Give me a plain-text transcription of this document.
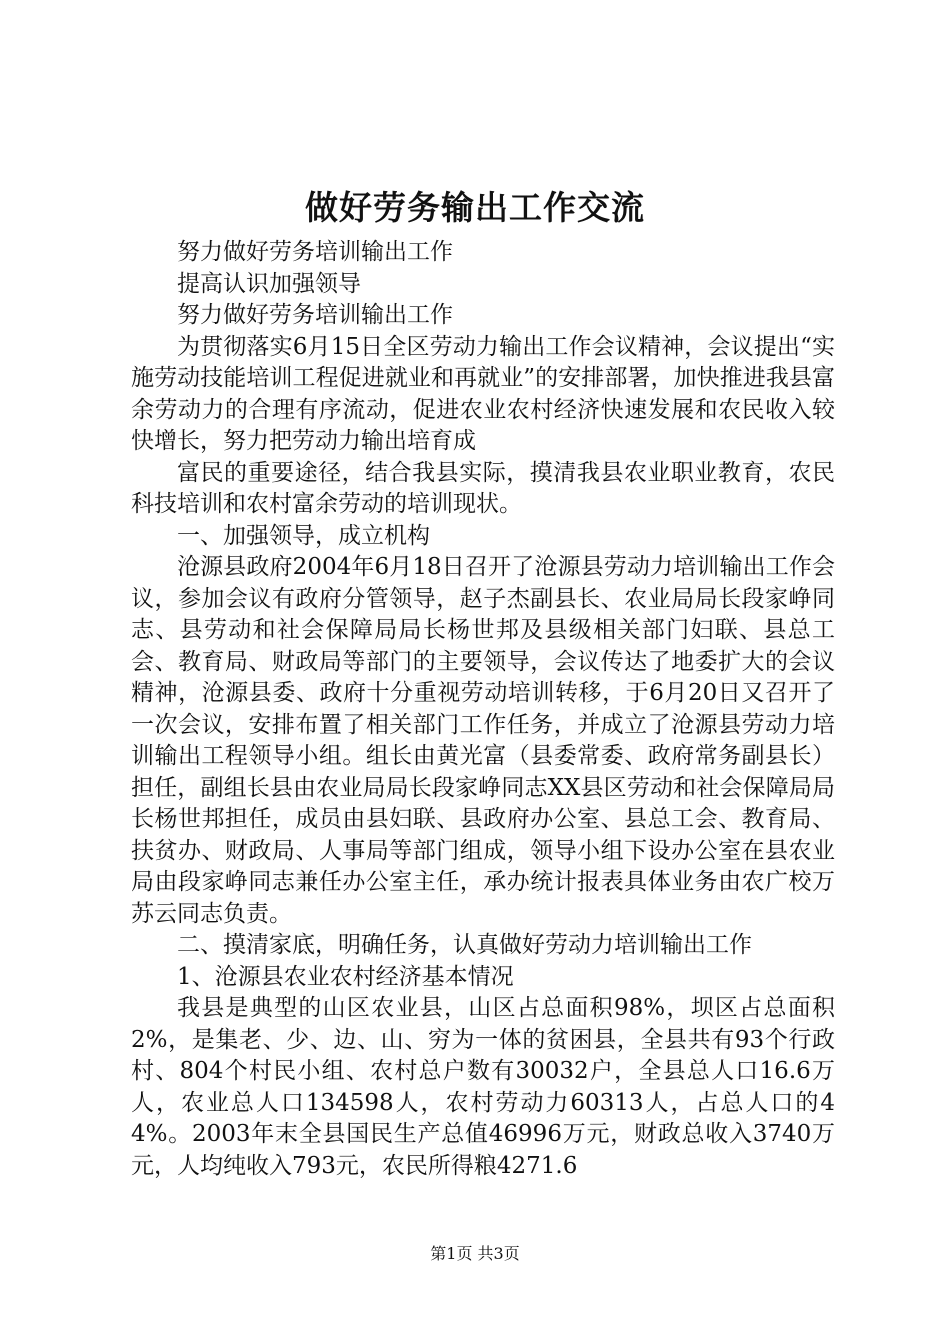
做好劳务输出工作交流

努力做好劳务培训输出工作

提高认识加强领导

努力做好劳务培训输出工作

为贯彻落实6月15日全区劳动力输出工作会议精神，会议提出“实施劳动技能培训工程促进就业和再就业”的安排部署，加快推进我县富余劳动力的合理有序流动，促进农业农村经济快速发展和农民收入较快增长，努力把劳动力输出培育成

富民的重要途径，结合我县实际，摸清我县农业职业教育，农民科技培训和农村富余劳动的培训现状。

一、加强领导，成立机构

沧源县政府2004年6月18日召开了沧源县劳动力培训输出工作会议，参加会议有政府分管领导，赵子杰副县长、农业局局长段家峥同志、县劳动和社会保障局局长杨世邦及县级相关部门妇联、县总工会、教育局、财政局等部门的主要领导，会议传达了地委扩大的会议精神，沧源县委、政府十分重视劳动培训转移，于6月20日又召开了一次会议，安排布置了相关部门工作任务，并成立了沧源县劳动力培训输出工程领导小组。组长由黄光富（县委常委、政府常务副县长）担任，副组长县由农业局局长段家峥同志XX县区劳动和社会保障局局长杨世邦担任，成员由县妇联、县政府办公室、县总工会、教育局、扶贫办、财政局、人事局等部门组成，领导小组下设办公室在县农业局由段家峥同志兼任办公室主任，承办统计报表具体业务由农广校万苏云同志负责。

二、摸清家底，明确任务，认真做好劳动力培训输出工作

1、沧源县农业农村经济基本情况

我县是典型的山区农业县，山区占总面积98%，坝区占总面积2%，是集老、少、边、山、穷为一体的贫困县，全县共有93个行政村、804个村民小组、农村总户数有30032户，全县总人口16.6万人，农业总人口134598人，农村劳动力60313人，占总人口的44%。2003年末全县国民生产总值46996万元，财政总收入3740万元，人均纯收入793元，农民所得粮4271.6

第1页 共3页
